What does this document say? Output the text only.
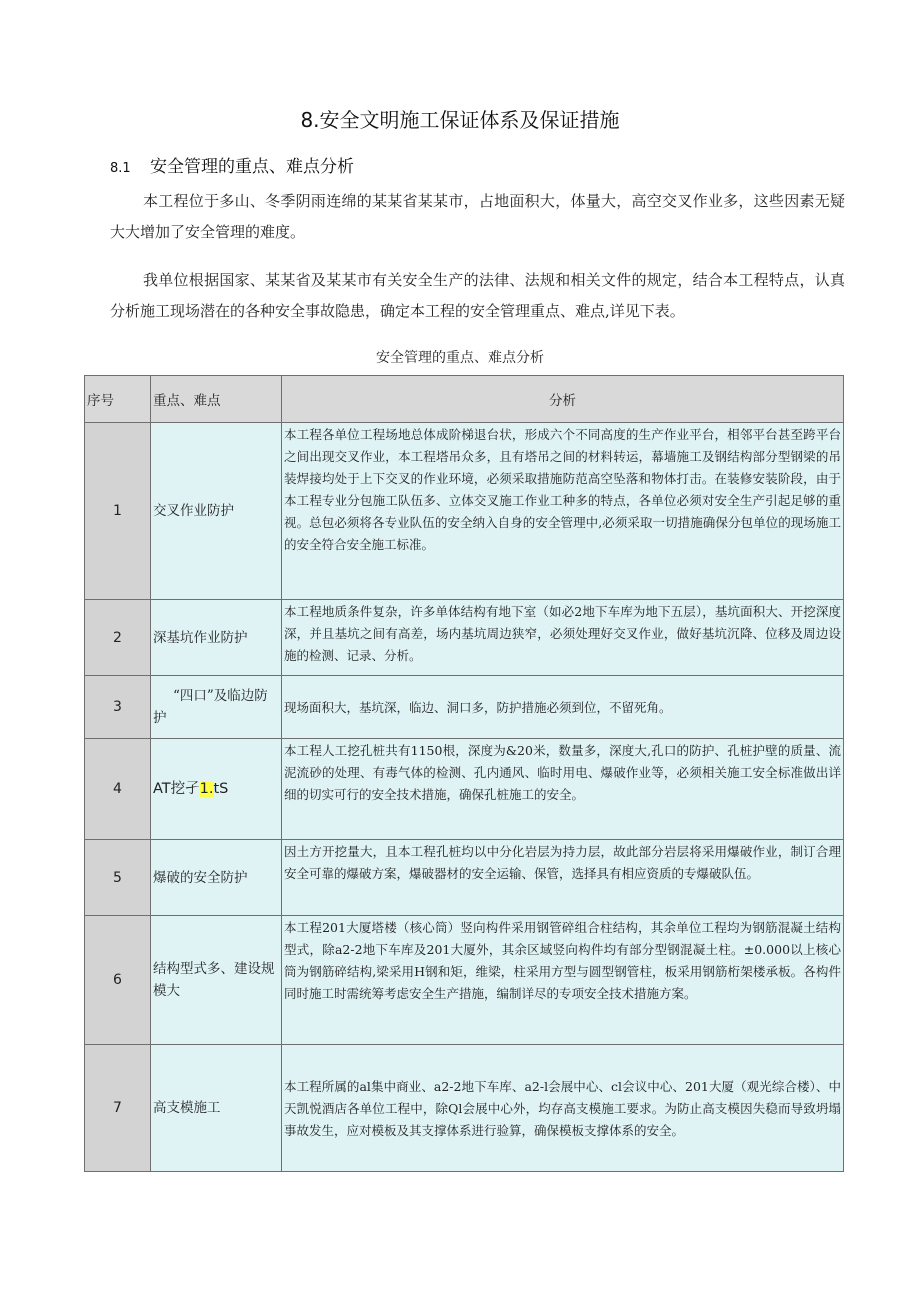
8.安全文明施工保证体系及保证措施
8.1 安全管理的重点、难点分析

本工程位于多山、冬季阴雨连绵的某某省某某市，占地面积大，体量大，高空交叉作业多，这些因素无疑大大增加了安全管理的难度。

我单位根据国家、某某省及某某市有关安全生产的法律、法规和相关文件的规定，结合本工程特点，认真分析施工现场潜在的各种安全事故隐患，确定本工程的安全管理重点、难点,详见下表。

安全管理的重点、难点分析
序号	重点、难点	分析
1	交叉作业防护	本工程各单位工程场地总体成阶梯退台状，形成六个不同高度的生产作业平台，相邻平台甚至跨平台之间出现交叉作业，本工程塔吊众多，且有塔吊之间的材料转运，幕墙施工及钢结构部分型钢梁的吊装焊接均处于上下交叉的作业环境，必须采取措施防范高空坠落和物体打击。在装修安装阶段，由于本工程专业分包施工队伍多、立体交叉施工作业工种多的特点，各单位必须对安全生产引起足够的重视。总包必须将各专业队伍的安全纳入自身的安全管理中,必须采取一切措施确保分包单位的现场施工的安全符合安全施工标准。
2	深基坑作业防护	本工程地质条件复杂，许多单体结构有地下室（如必2地下车库为地下五层），基坑面积大、开挖深度深，并且基坑之间有高差，场内基坑周边狭窄，必须处理好交叉作业，做好基坑沉降、位移及周边设施的检测、记录、分析。
3	“四口”及临边防护	现场面积大，基坑深，临边、洞口多，防护措施必须到位，不留死角。
4	AT挖孑1.tS	本工程人工挖孔桩共有1150根，深度为&20米，数量多，深度大,孔口的防护、孔桩护壁的质量、流泥流砂的处理、有毒气体的检测、孔内通风、临时用电、爆破作业等，必须相关施工安全标准做出详细的切实可行的安全技术措施，确保孔桩施工的安全。
5	爆破的安全防护	因土方开挖量大，且本工程孔桩均以中分化岩层为持力层，故此部分岩层将采用爆破作业，制订合理安全可靠的爆破方案，爆破器材的安全运输、保管，选择具有相应资质的专爆破队伍。
6	结构型式多、建设规模大	本工程201大厦塔楼（核心筒）竖向构件采用钢管碎组合柱结构，其余单位工程均为钢筋混凝土结构型式，除a2-2地下车库及201大厦外，其余区域竖向构件均有部分型钢混凝土柱。±0.000以上核心筒为钢筋碎结构,梁采用H钢和矩，维梁，柱采用方型与圆型钢管柱，板采用钢筋桁架楼承板。各构件同时施工时需统筹考虑安全生产措施，编制详尽的专项安全技术措施方案。
7	高支模施工	本工程所属的al集中商业、a2-2地下车库、a2-l会展中心、cl会议中心、201大厦（观光综合楼）、中天凯悦酒店各单位工程中，除Ql会展中心外，均存高支模施工要求。为防止高支模因失稳而导致坍塌事故发生，应对模板及其支撑体系进行验算，确保模板支撑体系的安全。
